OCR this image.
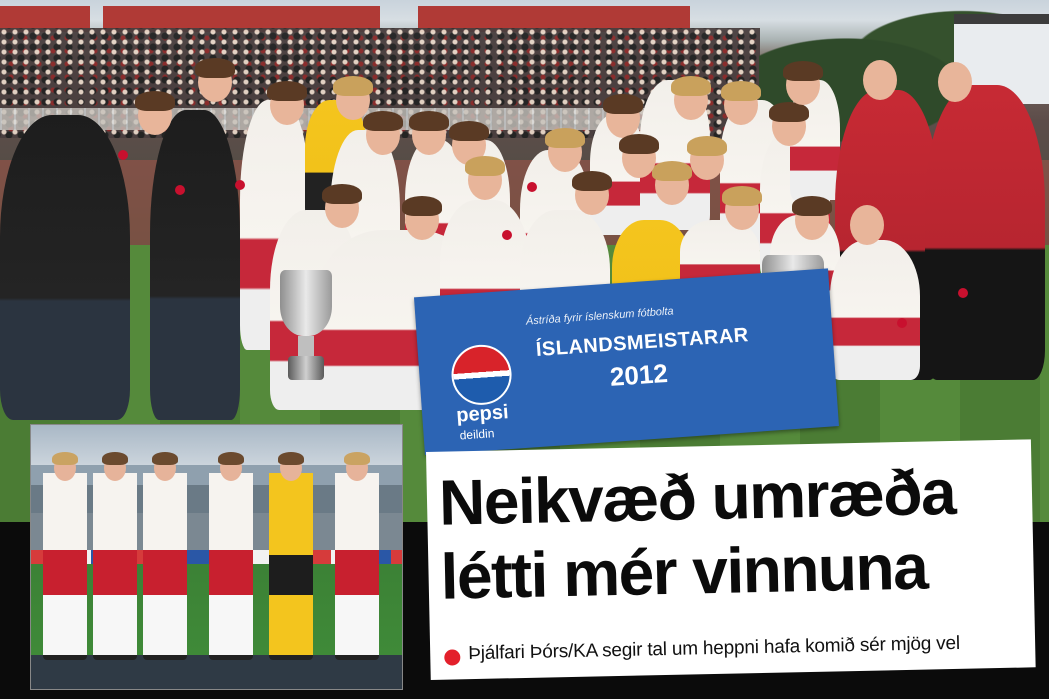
Ástríða fyrir íslenskum fótbolta
ÍSLANDSMEISTARAR
2012
pepsi
deildin
Neikvæð umræða
létti mér vinnuna
Þjálfari Þórs/KA segir tal um heppni hafa komið sér mjög vel
